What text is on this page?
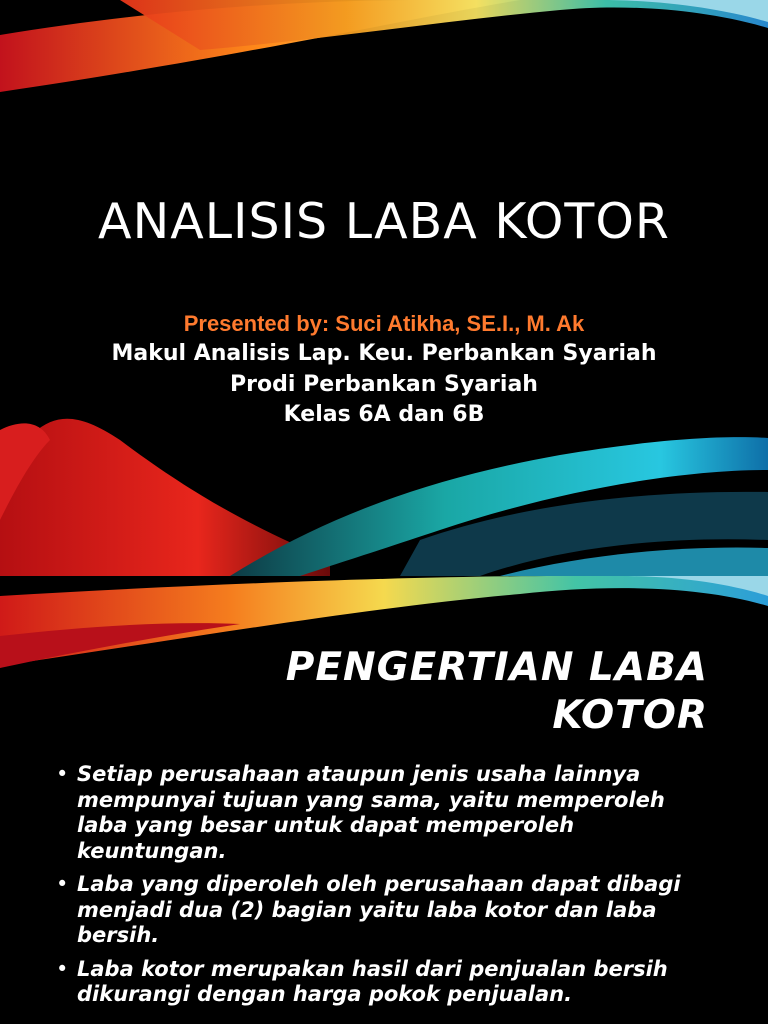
ANALISIS LABA KOTOR
Presented by: Suci Atikha, SE.I., M. Ak
Makul Analisis Lap. Keu. Perbankan Syariah
Prodi Perbankan Syariah
Kelas 6A dan 6B
PENGERTIAN LABA
KOTOR
• Setiap perusahaan ataupun jenis usaha lainnya mempunyai tujuan yang sama, yaitu memperoleh laba yang besar untuk dapat memperoleh keuntungan.
• Laba yang diperoleh oleh perusahaan dapat dibagi menjadi dua (2) bagian yaitu laba kotor dan laba bersih.
• Laba kotor merupakan hasil dari penjualan bersih dikurangi dengan harga pokok penjualan.
